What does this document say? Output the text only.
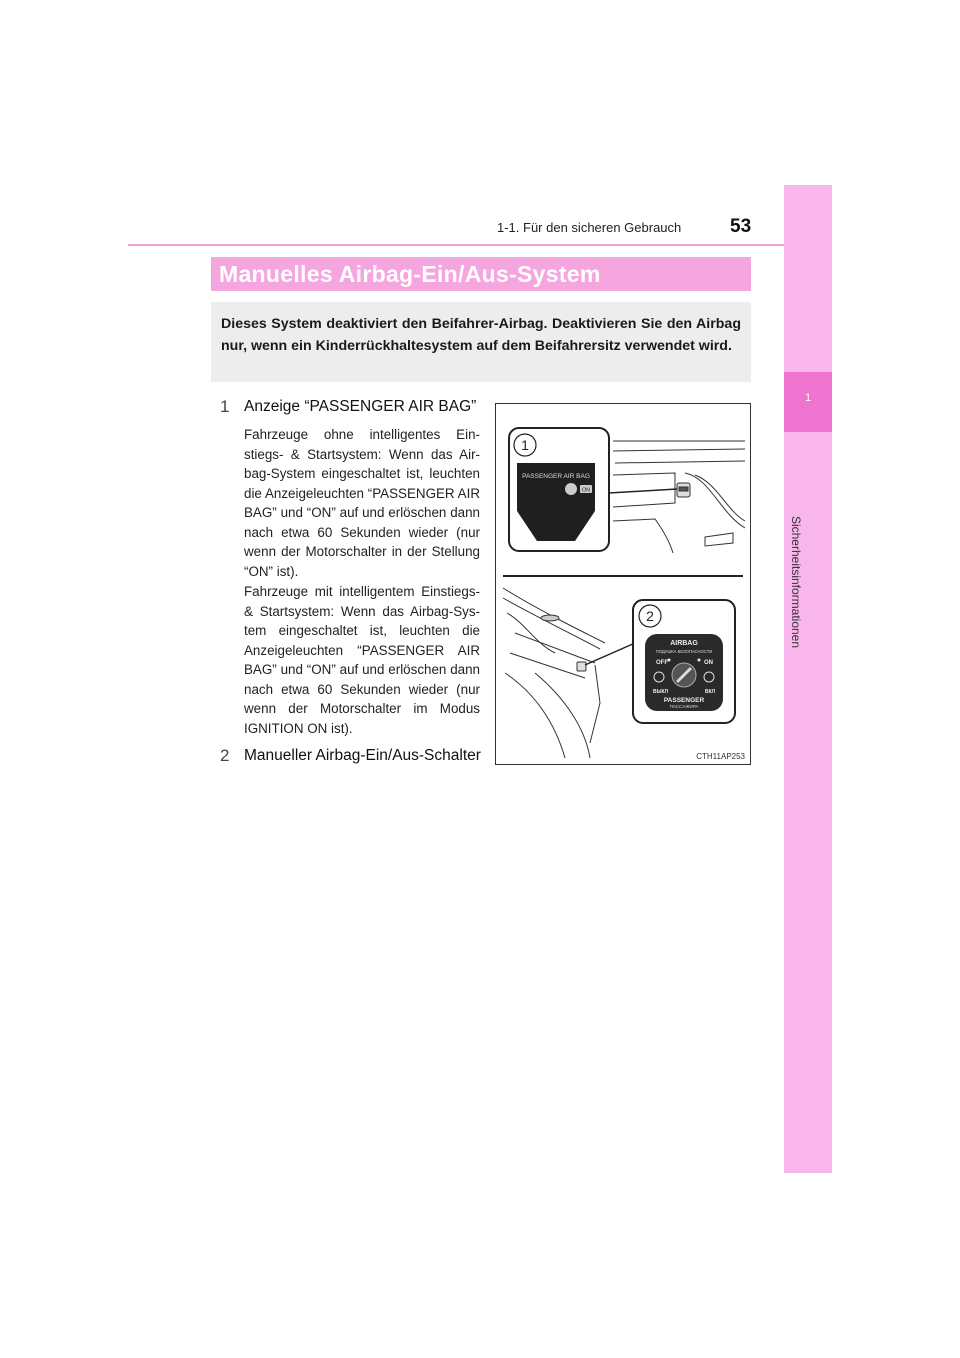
1-1. Für den sicheren Gebrauch	53
1
Sicherheitsinformationen
Manuelles Airbag-Ein/Aus-System
Dieses System deaktiviert den Beifahrer-Airbag. Deaktivieren Sie den Airbag nur, wenn ein Kinderrückhaltesystem auf dem Beifahrersitz verwendet wird.
1 Anzeige “PASSENGER AIR BAG”

Fahrzeuge ohne intelligentes Ein-stiegs- & Startsystem: Wenn das Air-bag-System eingeschaltet ist, leuchten die Anzeigeleuchten “PASSENGER AIR BAG” und “ON” auf und erlöschen dann nach etwa 60 Sekunden wieder (nur wenn der Motorschalter in der Stellung “ON” ist).

Fahrzeuge mit intelligentem Einstiegs- & Startsystem: Wenn das Airbag-Sys-tem eingeschaltet ist, leuchten die Anzeigeleuchten “PASSENGER AIR BAG” und “ON” auf und erlöschen dann nach etwa 60 Sekunden wieder (nur wenn der Motorschalter im Modus IGNITION ON ist).

2 Manueller Airbag-Ein/Aus-Schalter
1
PASSENGER AIR BAG
ON
2
AIRBAG
ПОДУШКА БЕЗОПАСНОСТИ
OFF	ON
ВЫКЛ	ВКЛ
PASSENGER
ПАССАЖИРА
CTH11AP253
